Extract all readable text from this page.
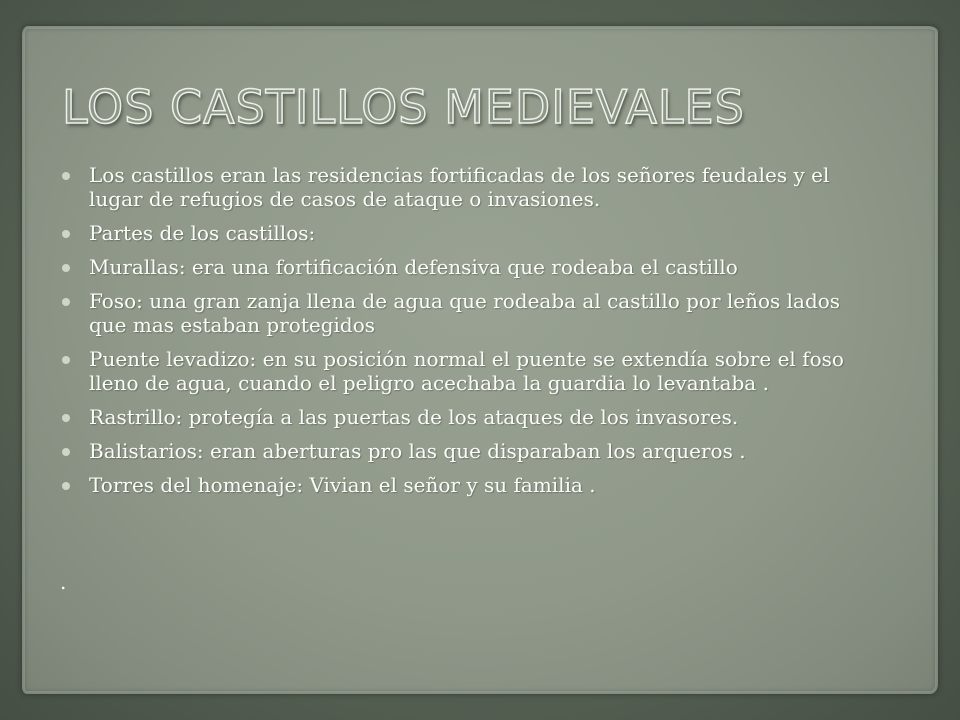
LOS CASTILLOS MEDIEVALES
Los castillos eran las residencias fortificadas de los señores feudales y el lugar de refugios de casos de ataque o invasiones.
Partes de los castillos:
Murallas: era una fortificación defensiva que rodeaba el castillo
Foso: una gran zanja llena de agua que rodeaba al castillo por leños lados que mas estaban protegidos
Puente levadizo: en su posición normal el puente se extendía sobre el foso lleno de agua, cuando el peligro acechaba la guardia lo levantaba .
Rastrillo: protegía a las puertas de los ataques de los invasores.
Balistarios: eran aberturas pro las que disparaban los arqueros .
Torres del homenaje: Vivian el señor y su familia .
.
